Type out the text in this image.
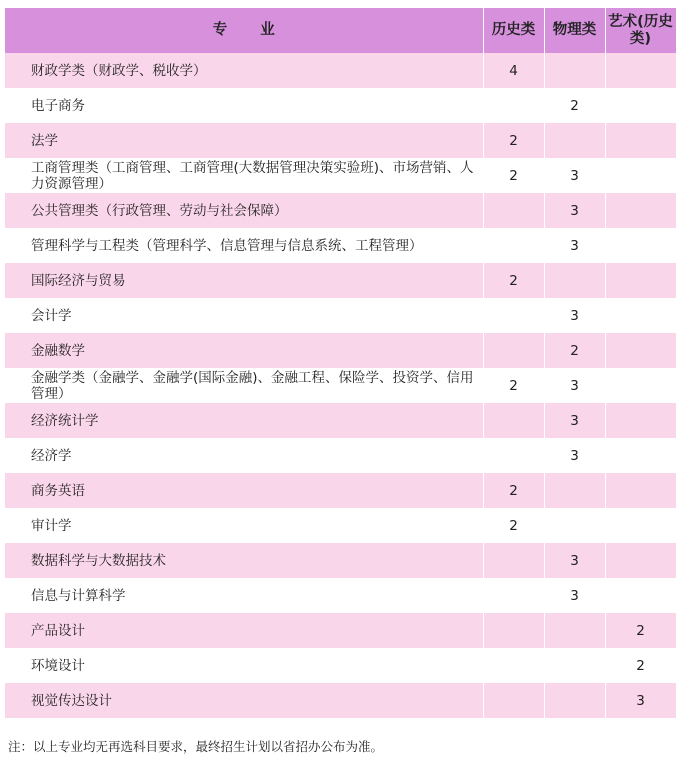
专 业	历史类	物理类	艺术(历史类)
财政学类（财政学、税收学）	4		
电子商务		2	
法学	2		
工商管理类（工商管理、工商管理(大数据管理决策实验班)、市场营销、人力资源管理）	2	3	
公共管理类（行政管理、劳动与社会保障）		3	
管理科学与工程类（管理科学、信息管理与信息系统、工程管理）		3	
国际经济与贸易	2		
会计学		3	
金融数学		2	
金融学类（金融学、金融学(国际金融)、金融工程、保险学、投资学、信用管理）	2	3	
经济统计学		3	
经济学		3	
商务英语	2		
审计学	2		
数据科学与大数据技术		3	
信息与计算科学		3	
产品设计			2
环境设计			2
视觉传达设计			3
注：以上专业均无再选科目要求，最终招生计划以省招办公布为准。
